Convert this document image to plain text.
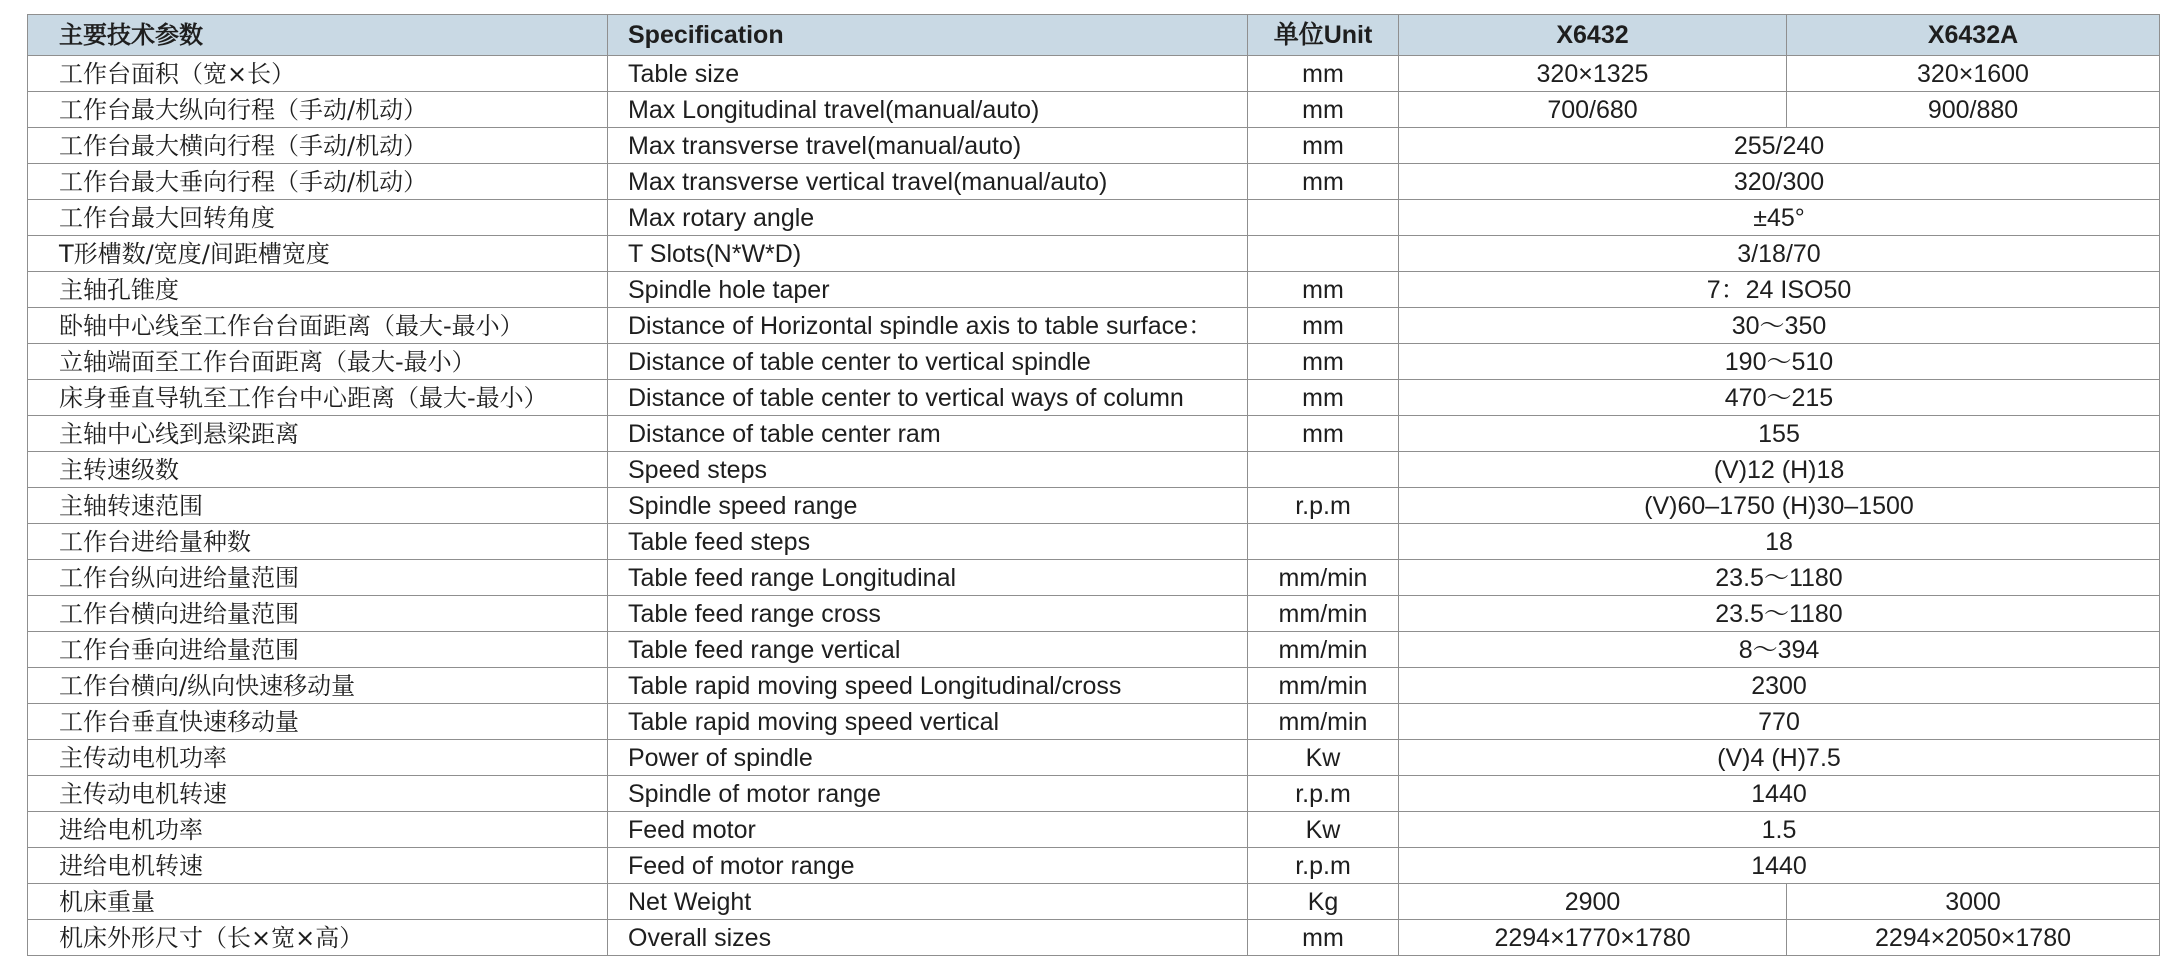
主要技术参数	Specification	单位Unit	X6432	X6432A
工作台面积（宽×长）	Table size	mm	320×1325	320×1600
工作台最大纵向行程（手动/机动）	Max Longitudinal travel(manual/auto)	mm	700/680	900/880
工作台最大横向行程（手动/机动）	Max transverse travel(manual/auto)	mm	255/240	
工作台最大垂向行程（手动/机动）	Max transverse vertical travel(manual/auto)	mm	320/300	
工作台最大回转角度	Max rotary angle		±45°	
T形槽数/宽度/间距槽宽度	T Slots(N*W*D)		3/18/70	
主轴孔锥度	Spindle hole taper	mm	7：24 ISO50	
卧轴中心线至工作台台面距离（最大-最小）	Distance of Horizontal spindle axis to table surface：	mm	30～350	
立轴端面至工作台面距离（最大-最小）	Distance of table center to vertical spindle	mm	190～510	
床身垂直导轨至工作台中心距离（最大-最小）	Distance of table center to vertical ways of column	mm	470～215	
主轴中心线到悬梁距离	Distance of table center ram	mm	155	
主转速级数	Speed steps		(V)12 (H)18	
主轴转速范围	Spindle speed range	r.p.m	(V)60–1750 (H)30–1500	
工作台进给量种数	Table feed steps		18	
工作台纵向进给量范围	Table feed range Longitudinal	mm/min	23.5～1180	
工作台横向进给量范围	Table feed range cross	mm/min	23.5～1180	
工作台垂向进给量范围	Table feed range vertical	mm/min	8～394	
工作台横向/纵向快速移动量	Table rapid moving speed Longitudinal/cross	mm/min	2300	
工作台垂直快速移动量	Table rapid moving speed vertical	mm/min	770	
主传动电机功率	Power of spindle	Kw	(V)4 (H)7.5	
主传动电机转速	Spindle of motor range	r.p.m	1440	
进给电机功率	Feed motor	Kw	1.5	
进给电机转速	Feed of motor range	r.p.m	1440	
机床重量	Net Weight	Kg	2900	3000
机床外形尺寸（长×宽×高）	Overall sizes	mm	2294×1770×1780	2294×2050×1780
